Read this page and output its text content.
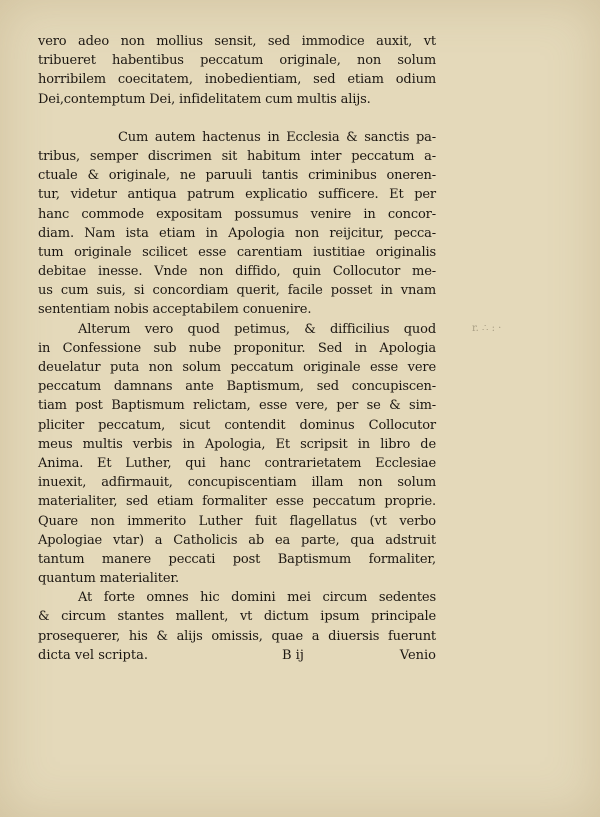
vero adeo non mollius sensit, sed immodice auxit, vt
tribueret habentibus peccatum originale, non solum
horribilem coecitatem, inobedientiam, sed etiam odium
Dei,contemptum Dei, infidelitatem cum multis alijs.
Cum autem hactenus in Ecclesia & sanctis pa-
tribus, semper discrimen sit habitum inter peccatum a-
ctuale & originale, ne paruuli tantis criminibus oneren-
tur, videtur antiqua patrum explicatio sufficere. Et per
hanc commode expositam possumus venire in concor-
diam. Nam ista etiam in Apologia non reijcitur, pecca-
tum originale scilicet esse carentiam iustitiae originalis
debitae inesse. Vnde non diffido, quin Collocutor me-
us cum suis, si concordiam querit, facile posset in vnam
sententiam nobis acceptabilem conuenire.
Alterum vero quod petimus, & difficilius quod
in Confessione sub nube proponitur. Sed in Apologia
deuelatur puta non solum peccatum originale esse vere
peccatum damnans ante Baptismum, sed concupiscen-
tiam post Baptismum relictam, esse vere, per se & sim-
pliciter peccatum, sicut contendit dominus Collocutor
meus multis verbis in Apologia, Et scripsit in libro de
Anima. Et Luther, qui hanc contrarietatem Ecclesiae
inuexit, adfirmauit, concupiscentiam illam non solum
materialiter, sed etiam formaliter esse peccatum proprie.
Quare non immerito Luther fuit flagellatus (vt verbo
Apologiae vtar) a Catholicis ab ea parte, qua adstruit
tantum manere peccati post Baptismum formaliter,
quantum materialiter.
At forte omnes hic domini mei circum sedentes
& circum stantes mallent, vt dictum ipsum principale
prosequerer, his & alijs omissis, quae a diuersis fuerunt
dicta vel scripta.	B ij	Venio
r. ∴ : ·
